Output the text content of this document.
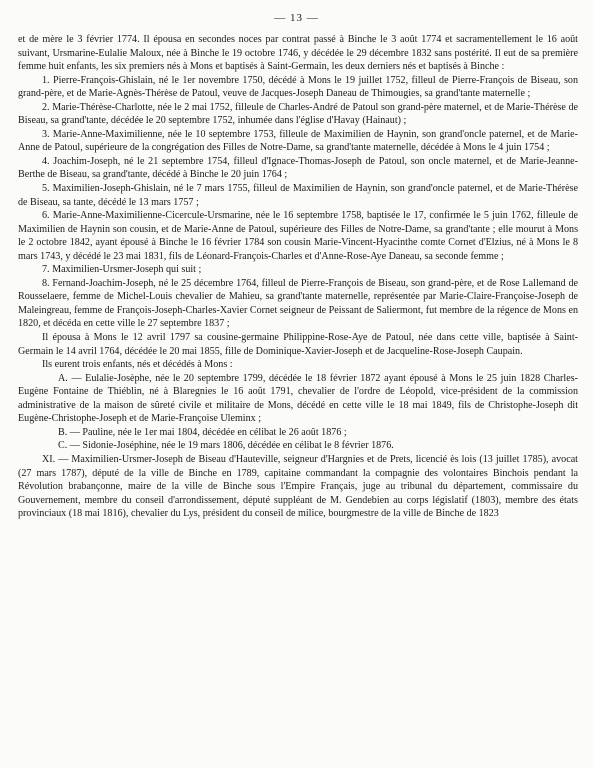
— 13 —

et de mère le 3 février 1774. Il épousa en secondes noces par contrat passé à Binche le 3 août 1774 et sacramentellement le 16 août suivant, Ursmarine-Eulalie Maloux, née à Binche le 19 octobre 1746, y décédée le 29 décembre 1832 sans postérité. Il eut de sa première femme huit enfants, les six premiers nés à Mons et baptisés à Saint-Germain, les deux derniers nés et baptisés à Binche :

1. Pierre-François-Ghislain, né le 1er novembre 1750, décédé à Mons le 19 juillet 1752, filleul de Pierre-François de Biseau, son grand-père, et de Marie-Agnès-Thérèse de Patoul, veuve de Jacques-Joseph Daneau de Thimougies, sa grand'tante maternelle ;

2. Marie-Thérèse-Charlotte, née le 2 mai 1752, filleule de Charles-André de Patoul son grand-père maternel, et de Marie-Thérèse de Biseau, sa grand'tante, décédée le 20 septembre 1752, inhumée dans l'église d'Havay (Hainaut) ;

3. Marie-Anne-Maximilienne, née le 10 septembre 1753, filleule de Maximilien de Haynin, son grand'oncle paternel, et de Marie-Anne de Patoul, supérieure de la congrégation des Filles de Notre-Dame, sa grand'tante maternelle, décédée à Mons le 4 juin 1754 ;

4. Joachim-Joseph, né le 21 septembre 1754, filleul d'Ignace-Thomas-Joseph de Patoul, son oncle maternel, et de Marie-Jeanne-Berthe de Biseau, sa grand'tante, décédé à Binche le 20 juin 1764 ;

5. Maximilien-Joseph-Ghislain, né le 7 mars 1755, filleul de Maximilien de Haynin, son grand'oncle paternel, et de Marie-Thérèse de Biseau, sa tante, décédé le 13 mars 1757 ;

6. Marie-Anne-Maximilienne-Cicercule-Ursmarine, née le 16 septembre 1758, baptisée le 17, confirmée le 5 juin 1762, filleule de Maximilien de Haynin son cousin, et de Marie-Anne de Patoul, supérieure des Filles de Notre-Dame, sa grand'tante ; elle mourut à Mons le 2 octobre 1842, ayant épousé à Binche le 16 février 1784 son cousin Marie-Vincent-Hyacinthe comte Cornet d'Elzius, né à Mons le 8 mars 1743, y décédé le 23 mai 1831, fils de Léonard-François-Charles et d'Anne-Rose-Aye Daneau, sa seconde femme ;

7. Maximilien-Ursmer-Joseph qui suit ;

8. Fernand-Joachim-Joseph, né le 25 décembre 1764, filleul de Pierre-François de Biseau, son grand-père, et de Rose Lallemand de Rousselaere, femme de Michel-Louis chevalier de Mahieu, sa grand'tante maternelle, représentée par Marie-Claire-Françoise-Joseph de Maleingreau, femme de François-Joseph-Charles-Xavier Cornet seigneur de Peissant de Saliermont, fut membre de la régence de Mons en 1820, et décéda en cette ville le 27 septembre 1837 ;

Il épousa à Mons le 12 avril 1797 sa cousine-germaine Philippine-Rose-Aye de Patoul, née dans cette ville, baptisée à Saint-Germain le 14 avril 1764, décédée le 20 mai 1855, fille de Dominique-Xavier-Joseph et de Jacqueline-Rose-Joseph Caupain.

Ils eurent trois enfants, nés et décédés à Mons :

A. — Eulalie-Josèphe, née le 20 septembre 1799, décédée le 18 février 1872 ayant épousé à Mons le 25 juin 1828 Charles-Eugène Fontaine de Thiéblin, né à Blaregnies le 16 août 1791, chevalier de l'ordre de Léopold, vice-président de la commission administrative de la maison de sûreté civile et militaire de Mons, décédé en cette ville le 18 mai 1849, fils de Christophe-Joseph dit Eugène-Christophe-Joseph et de Marie-Françoise Uleminx ;

B. — Pauline, née le 1er mai 1804, décédée en célibat le 26 août 1876 ;

C. — Sidonie-Joséphine, née le 19 mars 1806, décédée en célibat le 8 février 1876.

XI. — Maximilien-Ursmer-Joseph de Biseau d'Hauteville, seigneur d'Hargnies et de Prets, licencié ès lois (13 juillet 1785), avocat (27 mars 1787), député de la ville de Binche en 1789, capitaine commandant la compagnie des volontaires Binchois pendant la Révolution brabançonne, maire de la ville de Binche sous l'Empire Français, juge au tribunal du département, commissaire du Gouvernement, membre du conseil d'arrondissement, député suppléant de M. Gendebien au corps législatif (1803), membre des états provinciaux (18 mai 1816), chevalier du Lys, président du conseil de milice, bourgmestre de la ville de Binche de 1823
